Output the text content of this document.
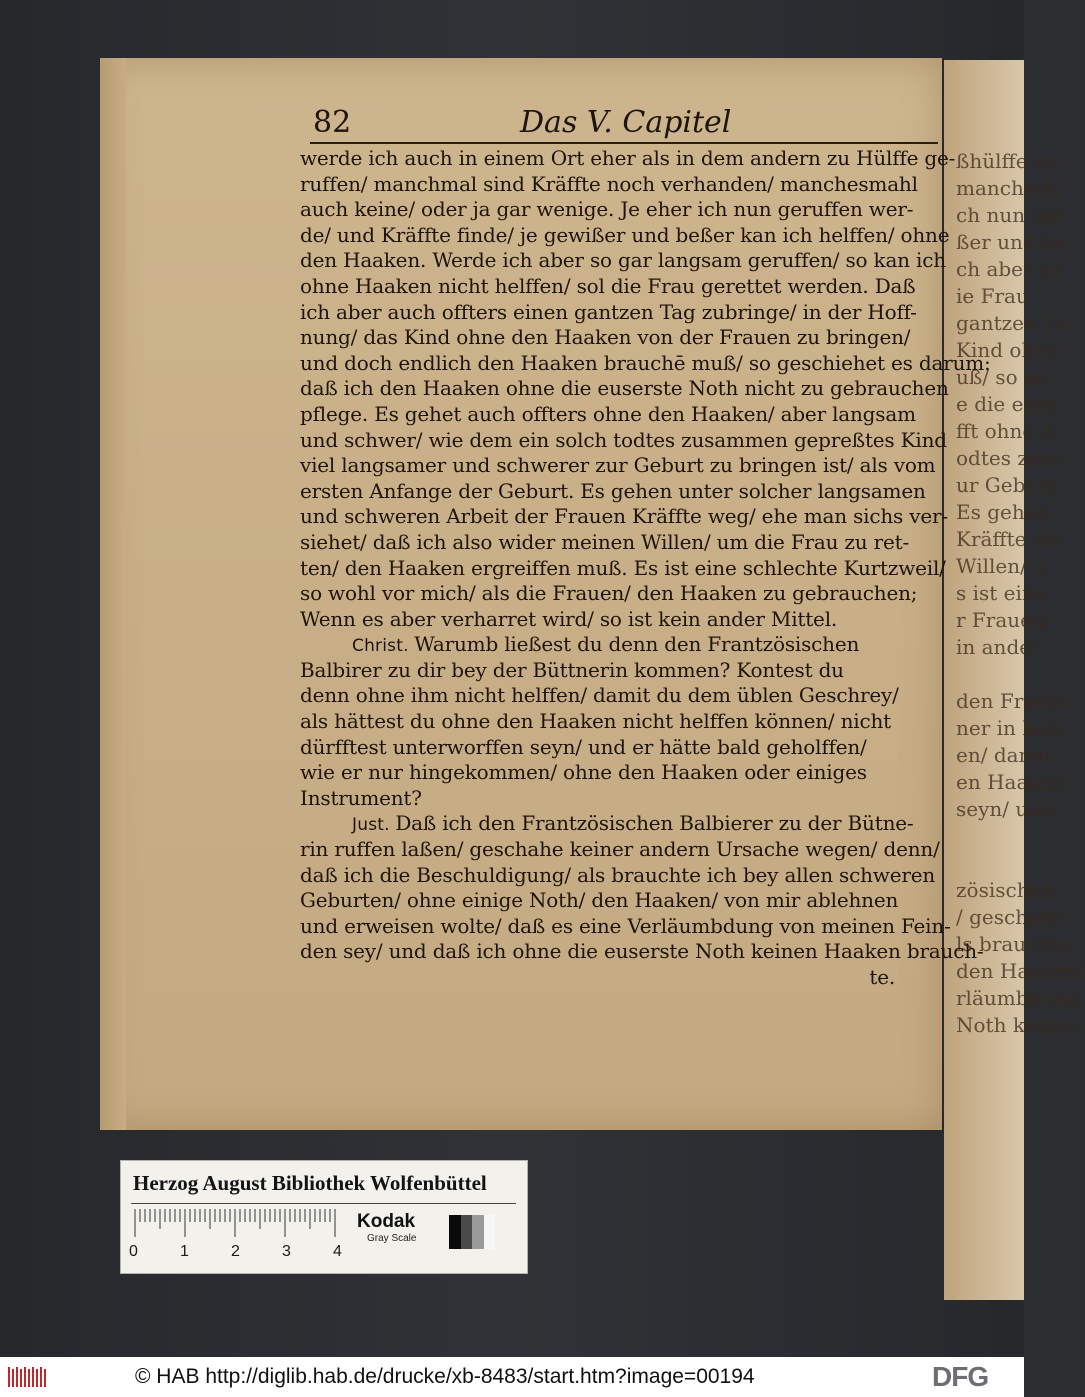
ßhülffe ge
manchmal
ch nun ger
ßer und be
ch aber so
ie Frau
gantzen Ta
Kind ohne
uß/ so ge
e die euse
fft ohne d
odtes zusa
ur Geburt
Es gehen
Kräffte we
Willen/ u
s ist eine
r Frauen/
in ander
den Frantz
ner in kom
en/ damit
en Haaken
seyn/ und
zösischen
/ geschahe
ls brauchte
den Haaken/
rläumbdung
Noth keinen
82	Das V. Capitel
werde ich auch in einem Ort eher als in dem andern zu Hülffe ge-
ruffen/ manchmal sind Kräffte noch verhanden/ manchesmahl
auch keine/ oder ja gar wenige. Je eher ich nun geruffen wer-
de/ und Kräffte finde/ je gewißer und beßer kan ich helffen/ ohne
den Haaken. Werde ich aber so gar langsam geruffen/ so kan ich
ohne Haaken nicht helffen/ sol die Frau gerettet werden. Daß
ich aber auch offters einen gantzen Tag zubringe/ in der Hoff-
nung/ das Kind ohne den Haaken von der Frauen zu bringen/
und doch endlich den Haaken brauchē muß/ so geschiehet es darum:
daß ich den Haaken ohne die euserste Noth nicht zu gebrauchen
pflege. Es gehet auch offters ohne den Haaken/ aber langsam
und schwer/ wie dem ein solch todtes zusammen gepreßtes Kind
viel langsamer und schwerer zur Geburt zu bringen ist/ als vom
ersten Anfange der Geburt. Es gehen unter solcher langsamen
und schweren Arbeit der Frauen Kräffte weg/ ehe man sichs ver-
siehet/ daß ich also wider meinen Willen/ um die Frau zu ret-
ten/ den Haaken ergreiffen muß. Es ist eine schlechte Kurtzweil/
so wohl vor mich/ als die Frauen/ den Haaken zu gebrauchen;
Wenn es aber verharret wird/ so ist kein ander Mittel.
Christ. Warumb ließest du denn den Frantzösischen
Balbirer zu dir bey der Büttnerin kommen? Kontest du
denn ohne ihm nicht helffen/ damit du dem üblen Geschrey/
als hättest du ohne den Haaken nicht helffen können/ nicht
dürfftest unterworffen seyn/ und er hätte bald geholffen/
wie er nur hingekommen/ ohne den Haaken oder einiges
Instrument?
Just. Daß ich den Frantzösischen Balbierer zu der Bütne-
rin ruffen laßen/ geschahe keiner andern Ursache wegen/ denn/
daß ich die Beschuldigung/ als brauchte ich bey allen schweren
Geburten/ ohne einige Noth/ den Haaken/ von mir ablehnen
und erweisen wolte/ daß es eine Verläumbdung von meinen Fein-
den sey/ und daß ich ohne die euserste Noth keinen Haaken brauch-
te.
Herzog August Bibliothek Wolfenbüttel
0	1	2	3	4
Kodak
Gray Scale
© HAB http://diglib.hab.de/drucke/xb-8483/start.htm?image=00194	DFG
